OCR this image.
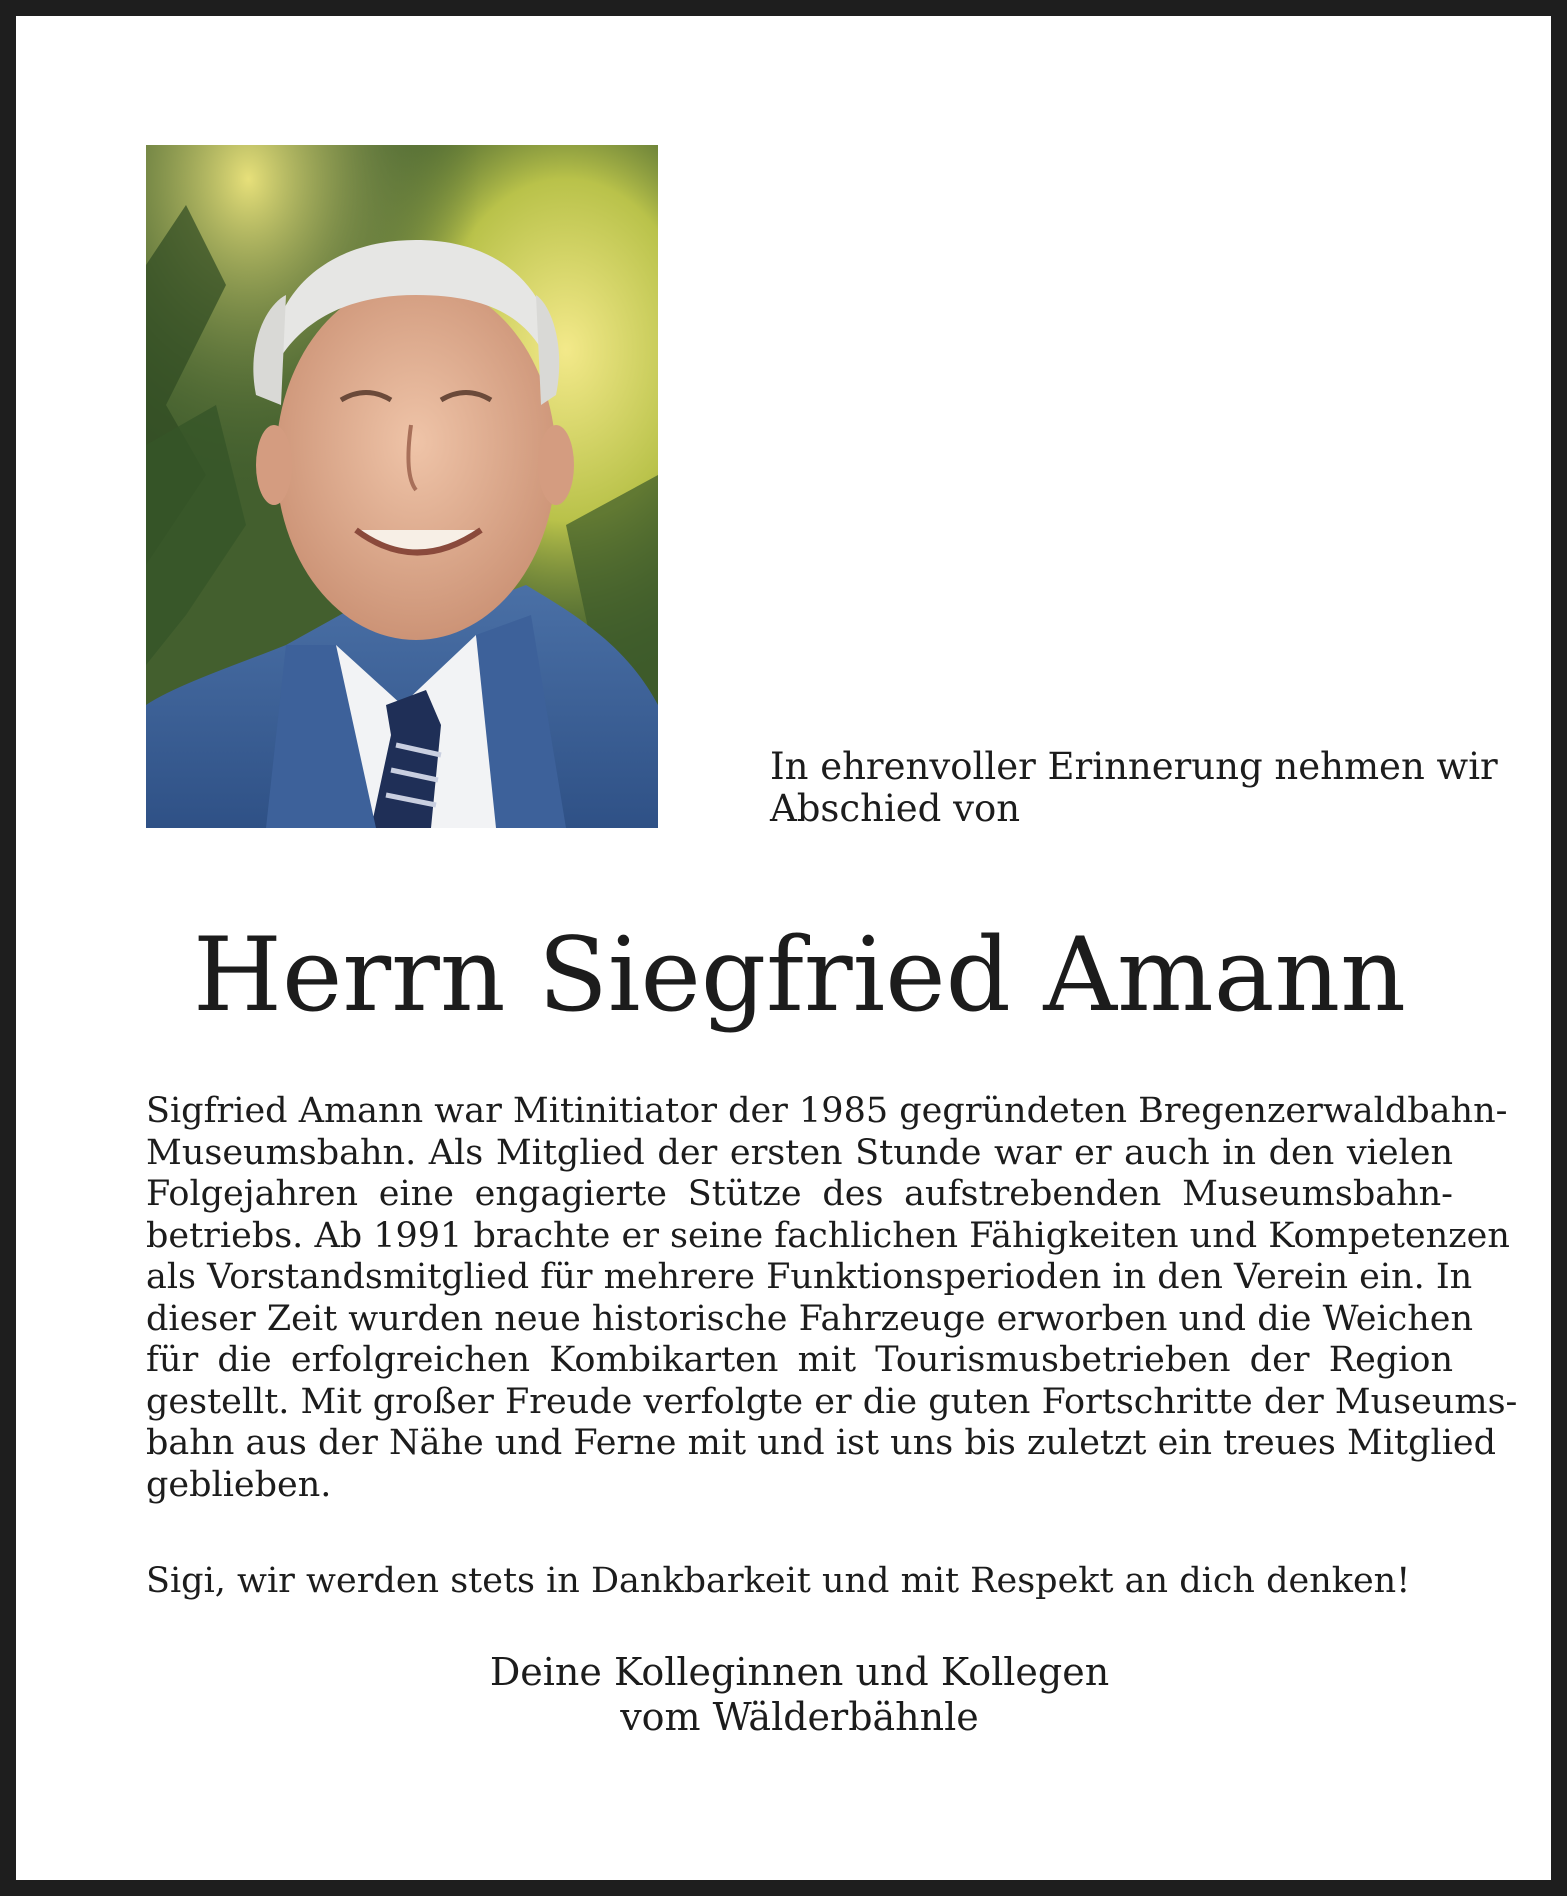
In ehrenvoller Erinnerung nehmen wir
Abschied von
Herrn Siegfried Amann
Sigfried Amann war Mitinitiator der 1985 gegründeten Bregenzerwaldbahn-
Museumsbahn. Als Mitglied der ersten Stunde war er auch in den vielen
Folgejahren eine engagierte Stütze des aufstrebenden Museumsbahn-
betriebs. Ab 1991 brachte er seine fachlichen Fähigkeiten und Kompetenzen
als Vorstandsmitglied für mehrere Funktionsperioden in den Verein ein. In
dieser Zeit wurden neue historische Fahrzeuge erworben und die Weichen
für die erfolgreichen Kombikarten mit Tourismusbetrieben der Region
gestellt. Mit großer Freude verfolgte er die guten Fortschritte der Museums-
bahn aus der Nähe und Ferne mit und ist uns bis zuletzt ein treues Mitglied
geblieben.
Sigi, wir werden stets in Dankbarkeit und mit Respekt an dich denken!
Deine Kolleginnen und Kollegen
vom Wälderbähnle
